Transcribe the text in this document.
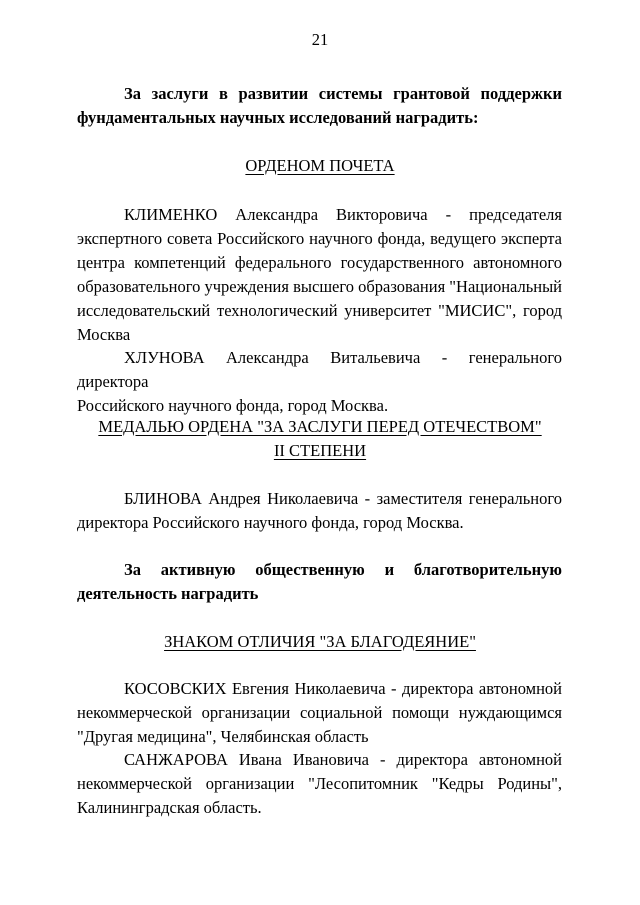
21
За заслуги в развитии системы грантовой поддержки
фундаментальных научных исследований наградить:
ОРДЕНОМ ПОЧЕТА
КЛИМЕНКО Александра Викторовича - председателя
экспертного совета Российского научного фонда, ведущего эксперта
центра компетенций федерального государственного автономного
образовательного учреждения высшего образования "Национальный
исследовательский технологический университет "МИСИС", город
Москва
ХЛУНОВА Александра Витальевича - генерального директора
Российского научного фонда, город Москва.
МЕДАЛЬЮ ОРДЕНА "ЗА ЗАСЛУГИ ПЕРЕД ОТЕЧЕСТВОМ"
II СТЕПЕНИ
БЛИНОВА Андрея Николаевича - заместителя генерального
директора Российского научного фонда, город Москва.
За активную общественную и благотворительную
деятельность наградить
ЗНАКОМ ОТЛИЧИЯ "ЗА БЛАГОДЕЯНИЕ"
КОСОВСКИХ Евгения Николаевича - директора автономной
некоммерческой организации социальной помощи нуждающимся
"Другая медицина", Челябинская область
САНЖАРОВА Ивана Ивановича - директора автономной
некоммерческой организации "Лесопитомник "Кедры Родины",
Калининградская область.
